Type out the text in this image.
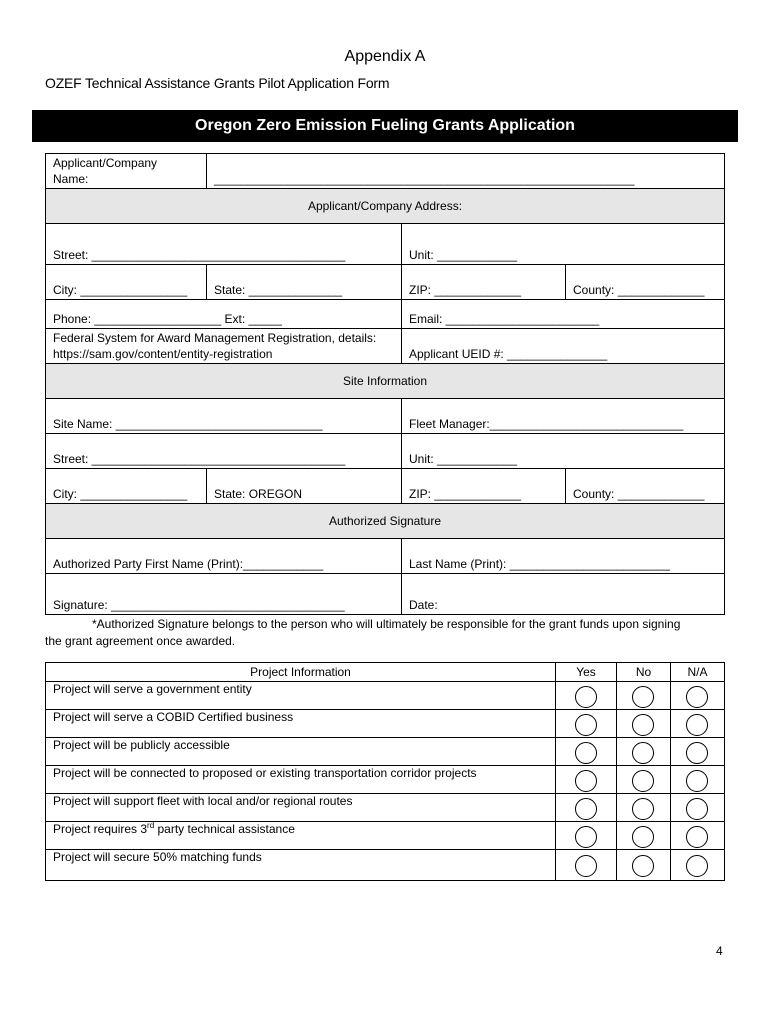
Appendix A
OZEF Technical Assistance Grants Pilot Application Form
Oregon Zero Emission Fueling Grants Application
Applicant/Company
Name:	_______________________________________________________________
Applicant/Company Address:
Street: ______________________________________	Unit: ____________
City: ________________ State: ______________	ZIP: _____________	County: _____________
Phone: ___________________ Ext: _____	Email: _______________________
Federal System for Award Management Registration, details:
https://sam.gov/content/entity-registration	Applicant UEID #: _______________
Site Information
Site Name: _______________________________	Fleet Manager:_____________________________
Street: ______________________________________	Unit: ____________
City: ________________ State: OREGON	ZIP: _____________	County: _____________
Authorized Signature
Authorized Party First Name (Print):____________	Last Name (Print): ________________________
Signature: ___________________________________	Date:
*Authorized Signature belongs to the person who will ultimately be responsible for the grant funds upon signing
the grant agreement once awarded.
Project Information	Yes	No	N/A
Project will serve a government entity
Project will serve a COBID Certified business
Project will be publicly accessible
Project will be connected to proposed or existing transportation corridor projects
Project will support fleet with local and/or regional routes
Project requires 3rd party technical assistance
Project will secure 50% matching funds
4
